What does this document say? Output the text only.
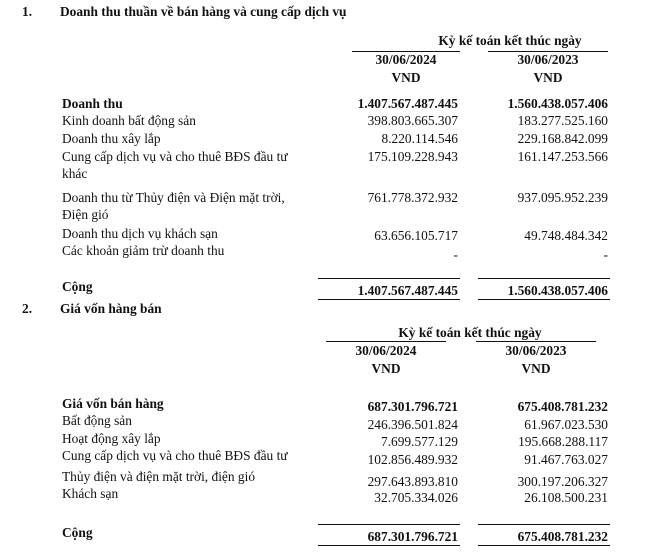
1. Doanh thu thuần về bán hàng và cung cấp dịch vụ
Kỳ kế toán kết thúc ngày
30/06/2024	30/06/2023
VND	VND
Doanh thu	1.407.567.487.445	1.560.438.057.406
Kinh doanh bất động sản	398.803.665.307	183.277.525.160
Doanh thu xây lắp	8.220.114.546	229.168.842.099
Cung cấp dịch vụ và cho thuê BĐS đầu tư
khác
175.109.228.943	161.147.253.566
Doanh thu từ Thủy điện và Điện mặt trời,
Điện gió
761.778.372.932	937.095.952.239
Doanh thu dịch vụ khách sạn	63.656.105.717	49.748.484.342
Các khoản giảm trừ doanh thu	-	-
Cộng	1.407.567.487.445	1.560.438.057.406
2. Giá vốn hàng bán
Kỳ kế toán kết thúc ngày
30/06/2024	30/06/2023
VND	VND
Giá vốn bán hàng	687.301.796.721	675.408.781.232
Bất động sản	246.396.501.824	61.967.023.530
Hoạt động xây lắp	7.699.577.129	195.668.288.117
Cung cấp dịch vụ và cho thuê BĐS đầu tư	102.856.489.932	91.467.763.027
Thủy điện và điện mặt trời, điện gió	297.643.893.810	300.197.206.327
Khách sạn	32.705.334.026	26.108.500.231
Cộng	687.301.796.721	675.408.781.232
